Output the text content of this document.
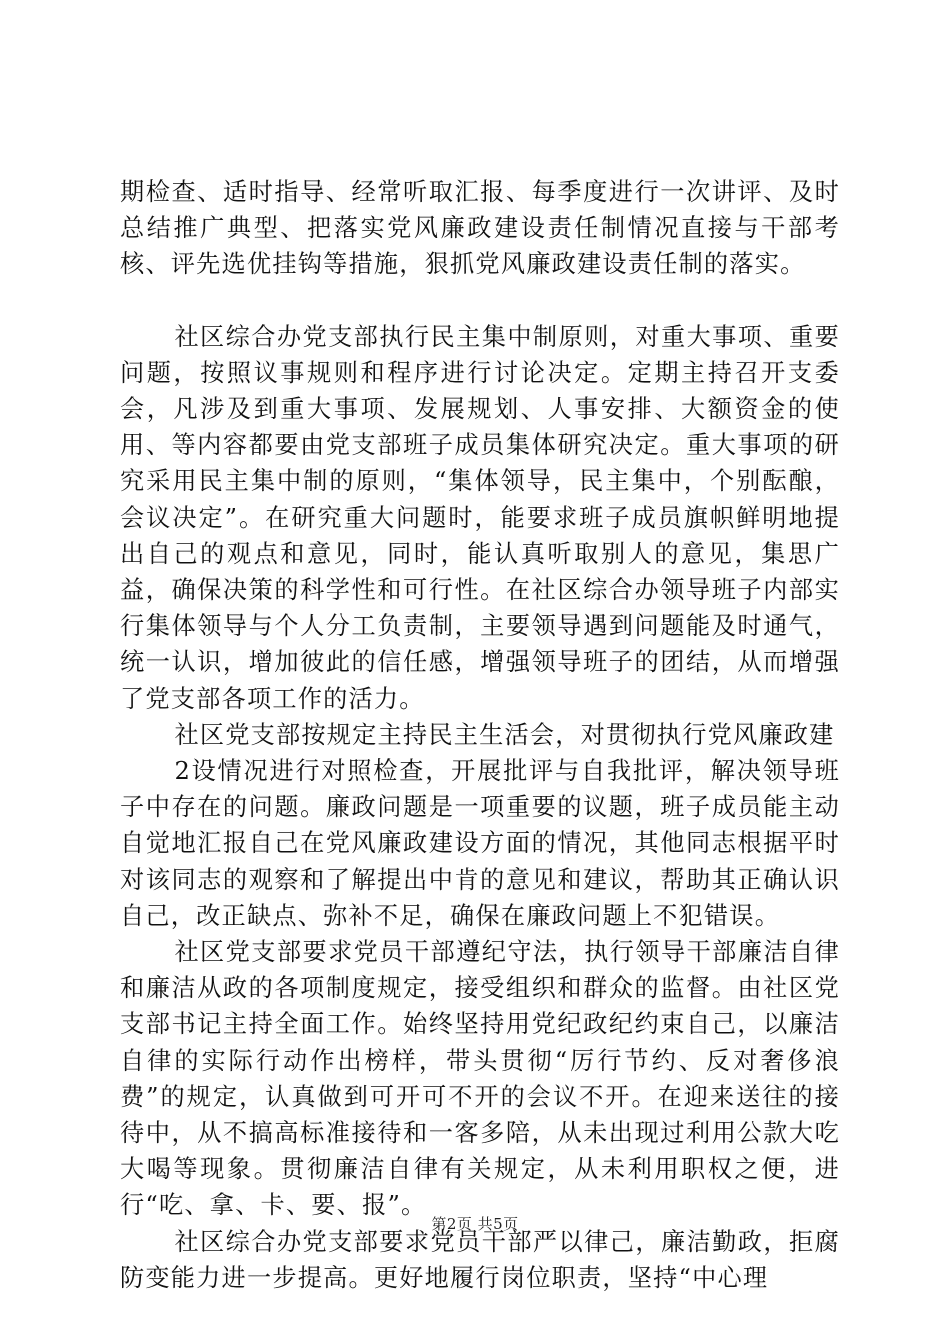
期检查、适时指导、经常听取汇报、每季度进行一次讲评、及时总结推广典型、把落实党风廉政建设责任制情况直接与干部考核、评先选优挂钩等措施，狠抓党风廉政建设责任制的落实。

社区综合办党支部执行民主集中制原则，对重大事项、重要问题，按照议事规则和程序进行讨论决定。定期主持召开支委会，凡涉及到重大事项、发展规划、人事安排、大额资金的使用、等内容都要由党支部班子成员集体研究决定。重大事项的研究采用民主集中制的原则，“集体领导，民主集中，个别酝酿，会议决定”。在研究重大问题时，能要求班子成员旗帜鲜明地提出自己的观点和意见，同时，能认真听取别人的意见，集思广益，确保决策的科学性和可行性。在社区综合办领导班子内部实行集体领导与个人分工负责制，主要领导遇到问题能及时通气，统一认识，增加彼此的信任感，增强领导班子的团结，从而增强了党支部各项工作的活力。

社区党支部按规定主持民主生活会，对贯彻执行党风廉政建

2设情况进行对照检查，开展批评与自我批评，解决领导班子中存在的问题。廉政问题是一项重要的议题，班子成员能主动自觉地汇报自己在党风廉政建设方面的情况，其他同志根据平时对该同志的观察和了解提出中肯的意见和建议，帮助其正确认识自己，改正缺点、弥补不足，确保在廉政问题上不犯错误。

社区党支部要求党员干部遵纪守法，执行领导干部廉洁自律和廉洁从政的各项制度规定，接受组织和群众的监督。由社区党支部书记主持全面工作。始终坚持用党纪政纪约束自己，以廉洁自律的实际行动作出榜样，带头贯彻“厉行节约、反对奢侈浪费”的规定，认真做到可开可不开的会议不开。在迎来送往的接待中，从不搞高标准接待和一客多陪，从未出现过利用公款大吃大喝等现象。贯彻廉洁自律有关规定，从未利用职权之便，进行“吃、拿、卡、要、报”。

社区综合办党支部要求党员干部严以律己，廉洁勤政，拒腐防变能力进一步提高。更好地履行岗位职责，坚持“中心理

第2页 共5页
